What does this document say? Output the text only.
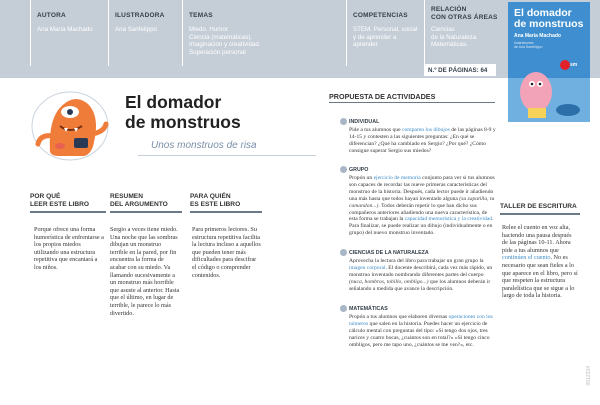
AUTORA
Ana María Machado
ILUSTRADORA
Ana Sanfelippo
TEMAS
Miedo. Humor.
Ciencia (matemáticas).
Imaginación y creatividad.
Superación personal
COMPETENCIAS
STEM. Personal, social
y de aprender a aprender.
RELACIÓN
CON OTRAS ÁREAS
Ciencias
de la Naturaleza.
Matemáticas.
N.º DE PÁGINAS: 64
El domador de monstruos
Ana María Machado
Ilustraciones
de Ana Sanfelippo
sm
El domador
de monstruos
Unos monstruos de risa
POR QUÉ
LEER ESTE LIBRO
Porque ofrece una forma humorística de enfrentarse a los propios miedos utilizando una estructura repetitiva que encantará a los niños.
RESUMEN
DEL ARGUMENTO
Sergio a veces tiene miedo. Una noche que las sombras dibujan un monstruo terrible en la pared, por fin encuentra la forma de acabar con su miedo. Va llamando sucesivamente a un monstruo más horrible que asuste al anterior. Hasta que el último, en lugar de terrible, le parece lo más divertido.
PARA QUIÉN
ES ESTE LIBRO
Para primeros lectores. Su estructura repetitiva facilita la lectura incluso a aquellos que pueden tener más dificultades para descifrar el código o comprender contenidos.
PROPUESTA DE ACTIVIDADES
INDIVIDUAL
Pide a tus alumnos que comparen los dibujos de las páginas 8-9 y 14-15 y contesten a las siguientes preguntas: ¿En qué se diferencian? ¿Qué ha cambiado en Sergio? ¿Por qué? ¿Cómo consigue superar Sergio sus miedos?
GRUPO
Propón un ejercicio de memoria conjunto para ver si tus alumnos son capaces de recordar las nueve primeras características del monstruo de la historia. Después, cada lector puede ir añadiendo una más hasta que todos hayan inventado alguna (su zapatilla, tu camandon...). Todos deberán repetir lo que han dicho sus compañeros anteriores añadiendo una nueva característica, de esta forma se trabajan la capacidad memorística y la creatividad. Para finalizar, se puede realizar un dibujo (individualmente o en grupo) del nuevo monstruo inventado.
CIENCIAS DE LA NATURALEZA
Aprovecha la lectura del libro para trabajar un gran grupo la imagen corporal. El docente describirá, cada vez más rápido, un monstruo inventado nombrando diferentes partes del cuerpo (nuca, hombros, tobillo, ombligo...) que los alumnos deberán ir señalando a medida que avance la descripción.
MATEMÁTICAS
Propón a tus alumnos que elaboren diversas operaciones con los números que salen en la historia. Puedes hacer un ejercicio de cálculo mental con preguntas del tipo: «Si tengo dos ojos, tres narices y cuatro bocas, ¿cuántos son en total?» «Si tengo cinco ombligos, pero me tapo uno, ¿cuántos se me ven?», etc.
TALLER DE ESCRITURA
Relee el cuento en voz alta, haciendo una pausa después de las páginas 10-11. Ahora pide a tus alumnos que continúen el cuento. No es necesario que sean fieles a lo que aparece en el libro, pero sí que respeten la estructura paralelística que se sigue a lo largo de toda la historia.
0512324
